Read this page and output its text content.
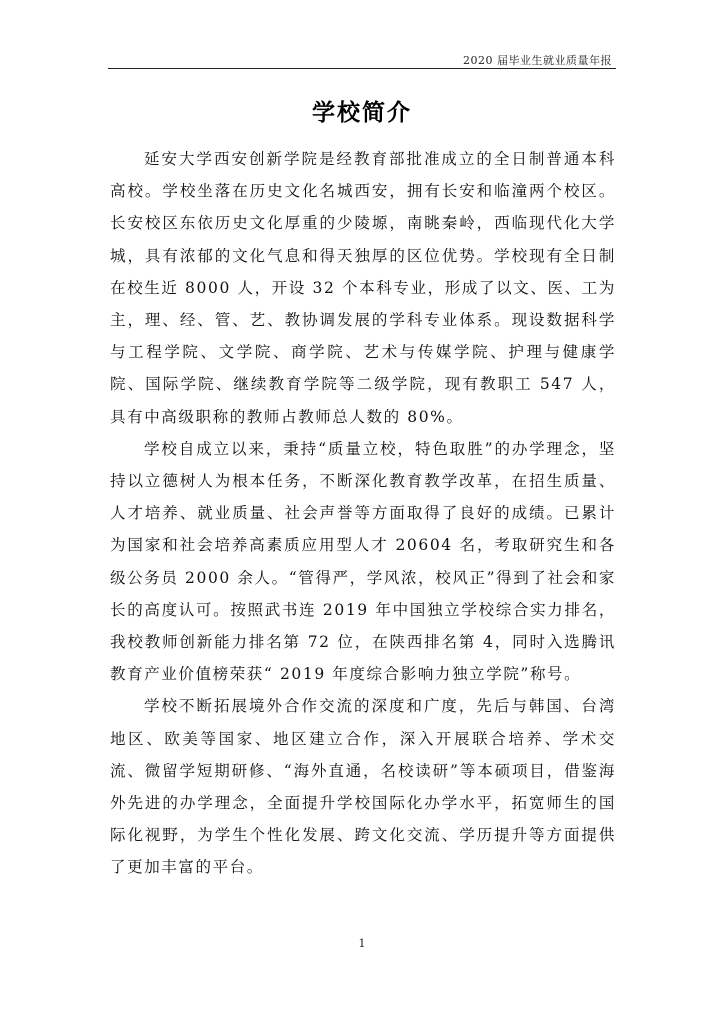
2020 届毕业生就业质量年报
学校简介

延安大学西安创新学院是经教育部批准成立的全日制普通本科高校。学校坐落在历史文化名城西安，拥有长安和临潼两个校区。长安校区东依历史文化厚重的少陵塬，南眺秦岭，西临现代化大学城，具有浓郁的文化气息和得天独厚的区位优势。学校现有全日制在校生近 8000 人，开设 32 个本科专业，形成了以文、医、工为主，理、经、管、艺、教协调发展的学科专业体系。现设数据科学与工程学院、文学院、商学院、艺术与传媒学院、护理与健康学院、国际学院、继续教育学院等二级学院，现有教职工 547 人，具有中高级职称的教师占教师总人数的 80%。

学校自成立以来，秉持“质量立校，特色取胜”的办学理念，坚持以立德树人为根本任务，不断深化教育教学改革，在招生质量、人才培养、就业质量、社会声誉等方面取得了良好的成绩。已累计为国家和社会培养高素质应用型人才 20604 名，考取研究生和各级公务员 2000 余人。“管得严，学风浓，校风正”得到了社会和家长的高度认可。按照武书连 2019 年中国独立学校综合实力排名，我校教师创新能力排名第 72 位，在陕西排名第 4，同时入选腾讯教育产业价值榜荣获“ 2019 年度综合影响力独立学院”称号。

学校不断拓展境外合作交流的深度和广度，先后与韩国、台湾地区、欧美等国家、地区建立合作，深入开展联合培养、学术交流、微留学短期研修、“海外直通，名校读研”等本硕项目，借鉴海外先进的办学理念，全面提升学校国际化办学水平，拓宽师生的国际化视野，为学生个性化发展、跨文化交流、学历提升等方面提供了更加丰富的平台。

1
